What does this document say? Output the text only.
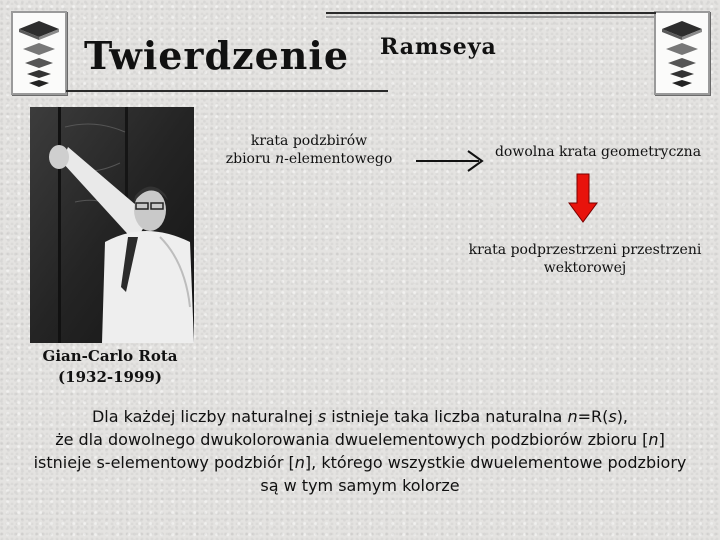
Twierdzenie Ramseya
Gian-Carlo Rota
(1932-1999)
krata podzbirów
zbioru n-elementowego	dowolna krata geometryczna
krata podprzestrzeni przestrzeni
wektorowej
Dla każdej liczby naturalnej s istnieje taka liczba naturalna n=R(s),
że dla dowolnego dwukolorowania dwuelementowych podzbiorów zbioru [n]
istnieje s-elementowy podzbiór [n], którego wszystkie dwuelementowe podzbiory
są w tym samym kolorze
